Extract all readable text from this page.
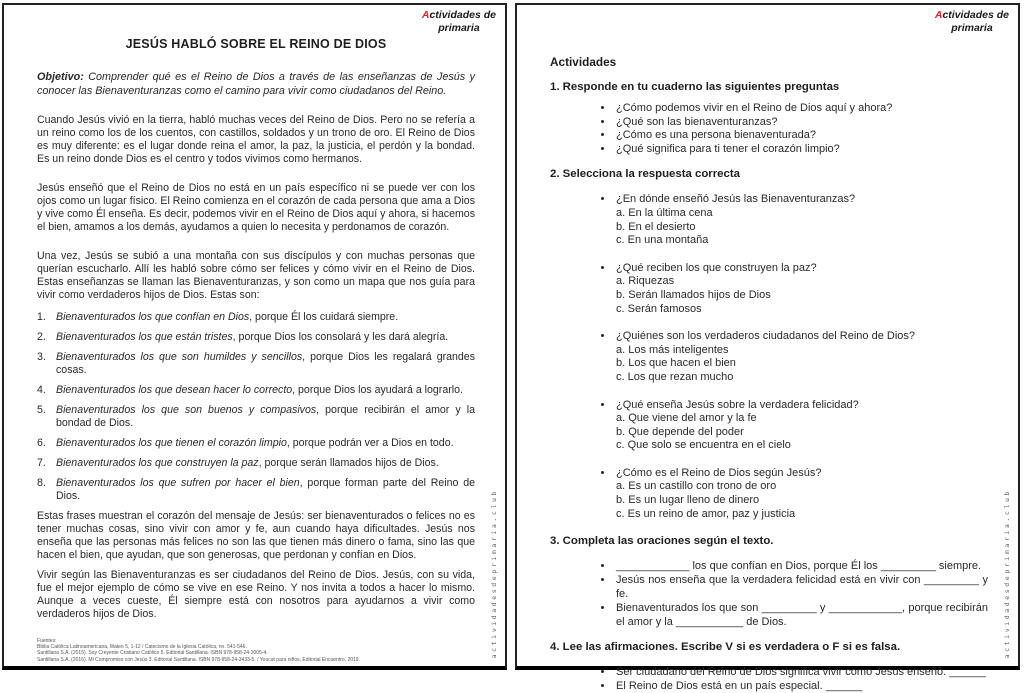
Actividades de
primaria
JESÚS HABLÓ SOBRE EL REINO DE DIOS

Objetivo: Comprender qué es el Reino de Dios a través de las enseñanzas de Jesús y conocer las Bienaventuranzas como el camino para vivir como ciudadanos del Reino.

Cuando Jesús vivió en la tierra, habló muchas veces del Reino de Dios. Pero no se refería a un reino como los de los cuentos, con castillos, soldados y un trono de oro. El Reino de Dios es muy diferente: es el lugar donde reina el amor, la paz, la justicia, el perdón y la bondad. Es un reino donde Dios es el centro y todos vivimos como hermanos.

Jesús enseñó que el Reino de Dios no está en un país específico ni se puede ver con los ojos como un lugar físico. El Reino comienza en el corazón de cada persona que ama a Dios y vive como Él enseña. Es decir, podemos vivir en el Reino de Dios aquí y ahora, si hacemos el bien, amamos a los demás, ayudamos a quien lo necesita y perdonamos de corazón.

Una vez, Jesús se subió a una montaña con sus discípulos y con muchas personas que querían escucharlo. Allí les habló sobre cómo ser felices y cómo vivir en el Reino de Dios. Estas enseñanzas se llaman las Bienaventuranzas, y son como un mapa que nos guía para vivir como verdaderos hijos de Dios. Estas son:

1. Bienaventurados los que confían en Dios, porque Él los cuidará siempre.
2. Bienaventurados los que están tristes, porque Dios los consolará y les dará alegría.
3. Bienaventurados los que son humildes y sencillos, porque Dios les regalará grandes cosas.
4. Bienaventurados los que desean hacer lo correcto, porque Dios los ayudará a lograrlo.
5. Bienaventurados los que son buenos y compasivos, porque recibirán el amor y la bondad de Dios.
6. Bienaventurados los que tienen el corazón limpio, porque podrán ver a Dios en todo.
7. Bienaventurados los que construyen la paz, porque serán llamados hijos de Dios.
8. Bienaventurados los que sufren por hacer el bien, porque forman parte del Reino de Dios.

Estas frases muestran el corazón del mensaje de Jesús: ser bienaventurados o felices no es tener muchas cosas, sino vivir con amor y fe, aun cuando haya dificultades. Jesús nos enseña que las personas más felices no son las que tienen más dinero o fama, sino las que hacen el bien, que ayudan, que son generosas, que perdonan y confían en Dios.

Vivir según las Bienaventuranzas es ser ciudadanos del Reino de Dios. Jesús, con su vida, fue el mejor ejemplo de cómo se vive en ese Reino. Y nos invita a todos a hacer lo mismo. Aunque a veces cueste, Él siempre está con nosotros para ayudarnos a vivir como verdaderos hijos de Dios.

Fuentes:
Biblia Católica Latinoamericana, Mateo 5, 1-12 / Catecismo de la Iglesia Católica, nn. 541-546.
Santillana S.A. (2015). Soy Creyente Cristiano Católico 5. Editorial Santillana. ISBN 978-958-24-3005-4.
Santillana S.A. (2016). Mi Compromiso con Jesús 3. Editorial Santillana. ISBN 978-958-24-3433-5. / Youcat para niños, Editorial Encuentro, 2019.
actividadesdeprimaria.club
Actividades de
primaria
Actividades
1. Responde en tu cuaderno las siguientes preguntas
• ¿Cómo podemos vivir en el Reino de Dios aquí y ahora?
• ¿Qué son las bienaventuranzas?
• ¿Cómo es una persona bienaventurada?
• ¿Qué significa para ti tener el corazón limpio?
2. Selecciona la respuesta correcta
• ¿En dónde enseñó Jesús las Bienaventuranzas?
a. En la última cena
b. En el desierto
c. En una montaña
• ¿Qué reciben los que construyen la paz?
a. Riquezas
b. Serán llamados hijos de Dios
c. Serán famosos
• ¿Quiénes son los verdaderos ciudadanos del Reino de Dios?
a. Los más inteligentes
b. Los que hacen el bien
c. Los que rezan mucho
• ¿Qué enseña Jesús sobre la verdadera felicidad?
a. Que viene del amor y la fe
b. Que depende del poder
c. Que solo se encuentra en el cielo
• ¿Cómo es el Reino de Dios según Jesús?
a. Es un castillo con trono de oro
b. Es un lugar lleno de dinero
c. Es un reino de amor, paz y justicia
3. Completa las oraciones según el texto.
• ____________ los que confían en Dios, porque Él los _________ siempre.
• Jesús nos enseña que la verdadera felicidad está en vivir con _________ y fe.
• Bienaventurados los que son _________ y ____________, porque recibirán el amor y la ___________ de Dios.
4. Lee las afirmaciones. Escribe V si es verdadera o F si es falsa.
• Ser ciudadano del Reino de Dios significa vivir como Jesús enseñó. ______
• El Reino de Dios está en un país especial. ______
actividadesdeprimaria.club
